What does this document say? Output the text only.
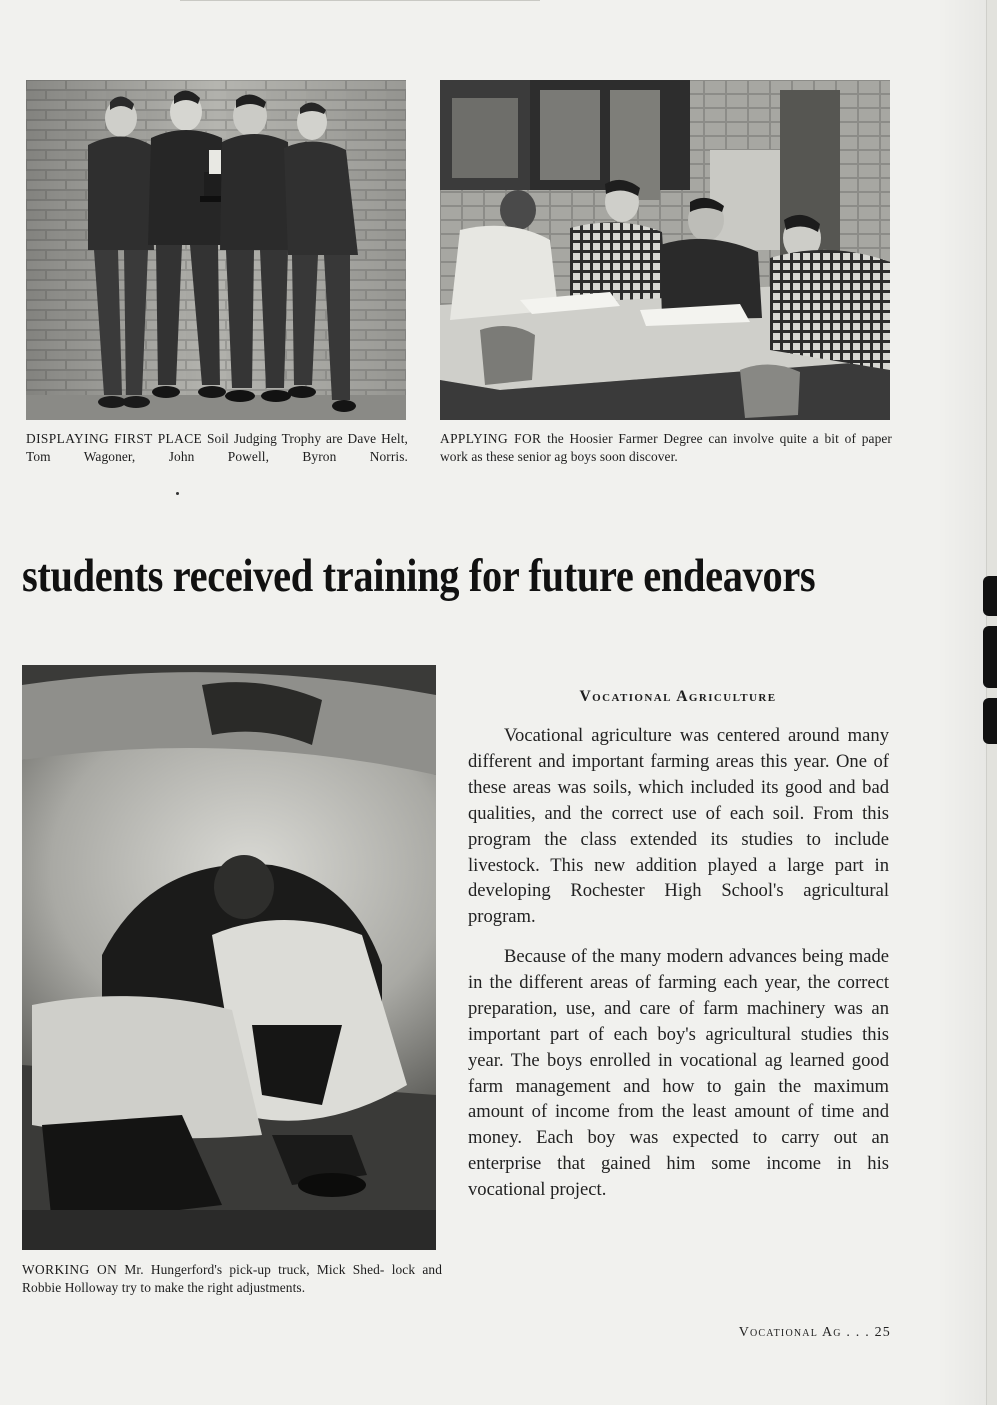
DISPLAYING FIRST PLACE Soil Judging Trophy are Dave Helt, Tom Wagoner, John Powell, Byron Norris.

APPLYING FOR the Hoosier Farmer Degree can involve quite a bit of paper work as these senior ag boys soon discover.

students received training for future endeavors

WORKING ON Mr. Hungerford's pick-up truck, Mick Shed- lock and Robbie Holloway try to make the right adjustments.

Vocational Agriculture

Vocational agriculture was centered around many different and important farming areas this year. One of these areas was soils, which included its good and bad qualities, and the correct use of each soil. From this program the class extended its studies to include livestock. This new addition played a large part in developing Rochester High School's agricultural program.

Because of the many modern advances being made in the different areas of farming each year, the correct preparation, use, and care of farm machinery was an important part of each boy's agricultural studies this year. The boys enrolled in vocational ag learned good farm management and how to gain the maximum amount of income from the least amount of time and money. Each boy was expected to carry out an enterprise that gained him some income in his vocational project.

Vocational Ag . . . 25
